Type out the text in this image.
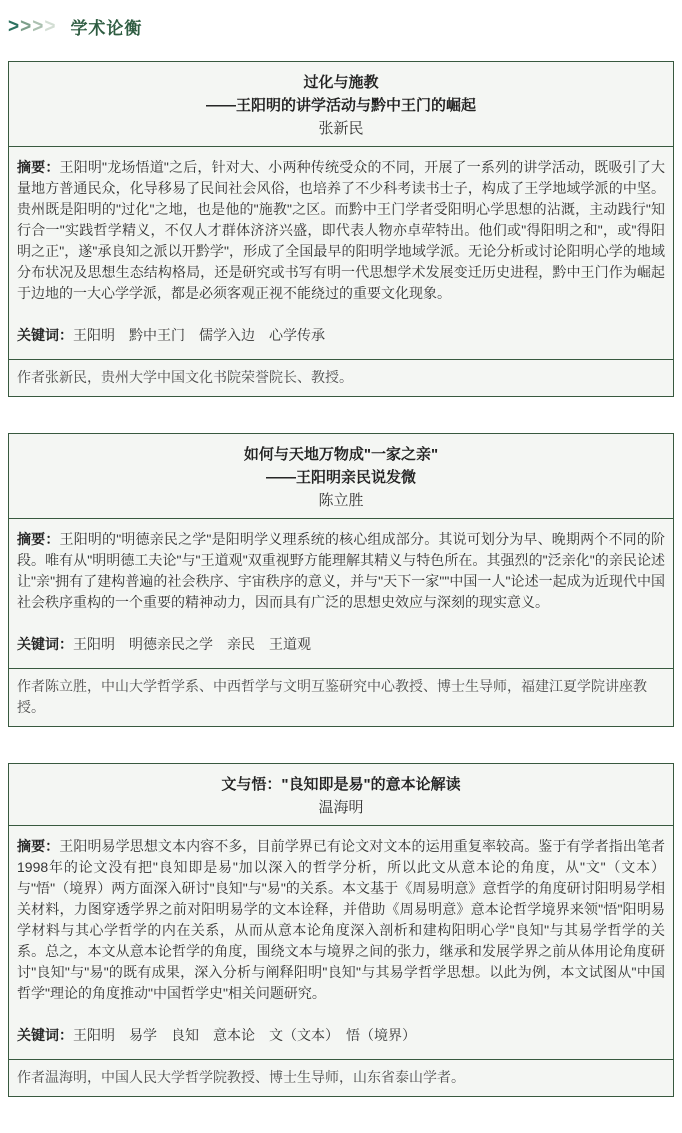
> > > > 学术论衡
过化与施教
——王阳明的讲学活动与黔中王门的崛起
张新民

摘要：王阳明"龙场悟道"之后，针对大、小两种传统受众的不同，开展了一系列的讲学活动，既吸引了大量地方普通民众，化导移易了民间社会风俗，也培养了不少科考读书士子，构成了王学地域学派的中坚。贵州既是阳明的"过化"之地，也是他的"施教"之区。而黔中王门学者受阳明心学思想的沾溉，主动践行"知行合一"实践哲学精义，不仅人才群体济济兴盛，即代表人物亦卓荦特出。他们或"得阳明之和"，或"得阳明之正"，遂"承良知之派以开黔学"，形成了全国最早的阳明学地域学派。无论分析或讨论阳明心学的地域分布状况及思想生态结构格局，还是研究或书写有明一代思想学术发展变迁历史进程，黔中王门作为崛起于边地的一大心学学派，都是必须客观正视不能绕过的重要文化现象。

关键词：王阳明　黔中王门　儒学入边　心学传承

作者张新民，贵州大学中国文化书院荣誉院长、教授。
如何与天地万物成"一家之亲"
——王阳明亲民说发微
陈立胜

摘要：王阳明的"明德亲民之学"是阳明学义理系统的核心组成部分。其说可划分为早、晚期两个不同的阶段。唯有从"明明德工夫论"与"王道观"双重视野方能理解其精义与特色所在。其强烈的"泛亲化"的亲民论述让"亲"拥有了建构普遍的社会秩序、宇宙秩序的意义，并与"天下一家""中国一人"论述一起成为近现代中国社会秩序重构的一个重要的精神动力，因而具有广泛的思想史效应与深刻的现实意义。

关键词：王阳明　明德亲民之学　亲民　王道观

作者陈立胜，中山大学哲学系、中西哲学与文明互鉴研究中心教授、博士生导师，福建江夏学院讲座教授。
文与悟："良知即是易"的意本论解读
温海明

摘要：王阳明易学思想文本内容不多，目前学界已有论文对文本的运用重复率较高。鉴于有学者指出笔者1998年的论文没有把"良知即是易"加以深入的哲学分析，所以此文从意本论的角度，从"文"（文本）与"悟"（境界）两方面深入研讨"良知"与"易"的关系。本文基于《周易明意》意哲学的角度研讨阳明易学相关材料，力图穿透学界之前对阳明易学的文本诠释，并借助《周易明意》意本论哲学境界来领"悟"阳明易学材料与其心学哲学的内在关系，从而从意本论角度深入剖析和建构阳明心学"良知"与其易学哲学的关系。总之，本文从意本论哲学的角度，围绕文本与境界之间的张力，继承和发展学界之前从体用论角度研讨"良知"与"易"的既有成果，深入分析与阐释阳明"良知"与其易学哲学思想。以此为例，本文试图从"中国哲学"理论的角度推动"中国哲学史"相关问题研究。

关键词：王阳明　易学　良知　意本论　文（文本）　悟（境界）

作者温海明，中国人民大学哲学院教授、博士生导师，山东省泰山学者。
